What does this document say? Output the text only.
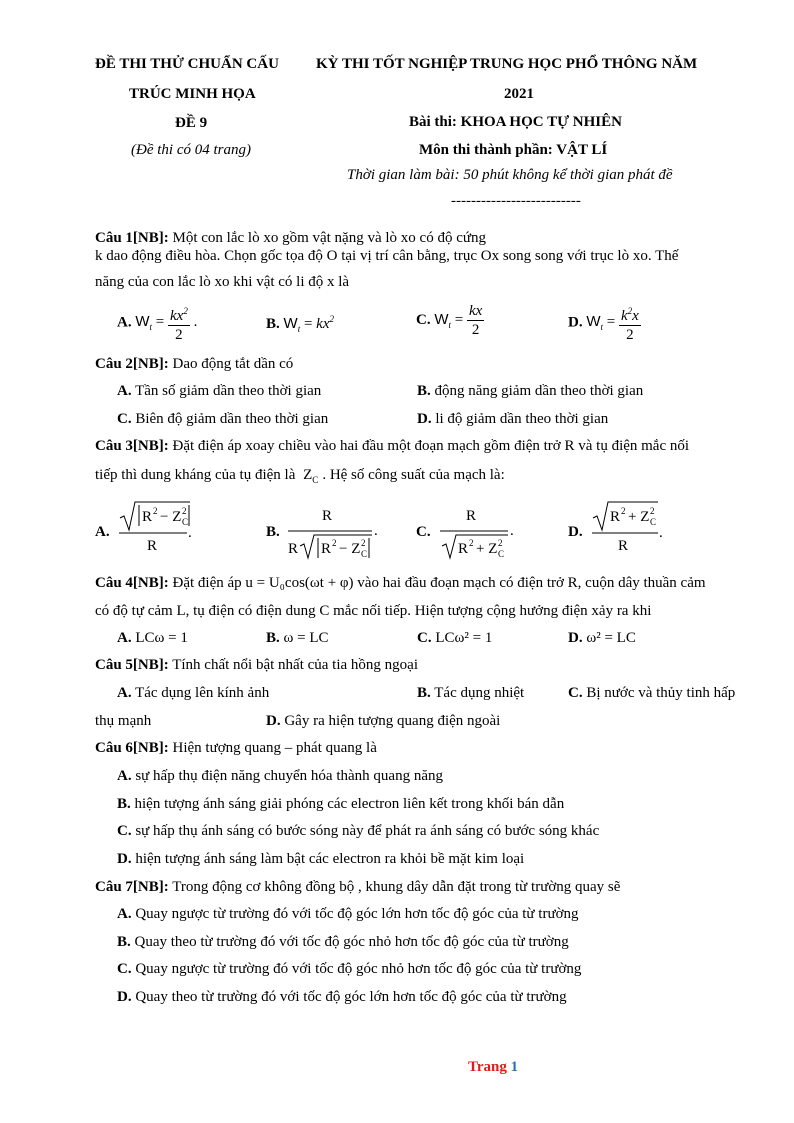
ĐỀ THI THỬ CHUẨN CẤU
TRÚC MINH HỌA
ĐỀ 9
(Đề thi có 04 trang)
KỲ THI TỐT NGHIỆP TRUNG HỌC PHỔ THÔNG NĂM
2021
Bài thi: KHOA HỌC TỰ NHIÊN
Môn thi thành phần: VẬT LÍ
Thời gian làm bài: 50 phút không kể thời gian phát đề
--------------------------
Câu 1[NB]: Một con lắc lò xo gồm vật nặng và lò xo có độ cứng
k dao động điều hòa. Chọn gốc tọa độ O tại vị trí cân bằng, trục Ox song song với trục lò xo. Thế
năng của con lắc lò xo khi vật có li độ x là
A. $W_t = \frac{kx^2}{2}$ .	B. $W_t = kx^2$	C. $W_t = \frac{kx}{2}$	D. $W_t = \frac{k^2x}{2}$
Câu 2[NB]: Dao động tắt dần có
A. Tần số giảm dần theo thời gian	B. động năng giảm dần theo thời gian
C. Biên độ giảm dần theo thời gian	D. li độ giảm dần theo thời gian
Câu 3[NB]: Đặt điện áp xoay chiều vào hai đầu một đoạn mạch gồm điện trở R và tụ điện mắc nối
tiếp thì dung kháng của tụ điện là $Z_C$ . Hệ số công suất của mạch là:
A.
R 2 − Z 2
C
R
.	B.
R
R R 2 − Z 2
C
.	C.
R
R 2 + Z 2
C
.	D.
R 2 + Z 2
C
R
.
Câu 4[NB]: Đặt điện áp u = U₀cos(ωt + φ) vào hai đầu đoạn mạch có điện trở R, cuộn dây thuần cảm
có độ tự cảm L, tụ điện có điện dung C mắc nối tiếp. Hiện tượng cộng hưởng điện xảy ra khi
A. LCω = 1	B. ω = LC	C. LCω² = 1	D. ω² = LC
Câu 5[NB]: Tính chất nổi bật nhất của tia hồng ngoại
A. Tác dụng lên kính ảnh	B. Tác dụng nhiệt	C. Bị nước và thủy tinh hấp
thụ mạnh	D. Gây ra hiện tượng quang điện ngoài
Câu 6[NB]: Hiện tượng quang – phát quang là
A. sự hấp thụ điện năng chuyển hóa thành quang năng
B. hiện tượng ánh sáng giải phóng các electron liên kết trong khối bán dẫn
C. sự hấp thụ ánh sáng có bước sóng này để phát ra ánh sáng có bước sóng khác
D. hiện tượng ánh sáng làm bật các electron ra khỏi bề mặt kim loại
Câu 7[NB]: Trong động cơ không đồng bộ , khung dây dẫn đặt trong từ trường quay sẽ
A. Quay ngược từ trường đó với tốc độ góc lớn hơn tốc độ góc của từ trường
B. Quay theo từ trường đó với tốc độ góc nhỏ hơn tốc độ góc của từ trường
C. Quay ngược từ trường đó với tốc độ góc nhỏ hơn tốc độ góc của từ trường
D. Quay theo từ trường đó với tốc độ góc lớn hơn tốc độ góc của từ trường
Trang 1
